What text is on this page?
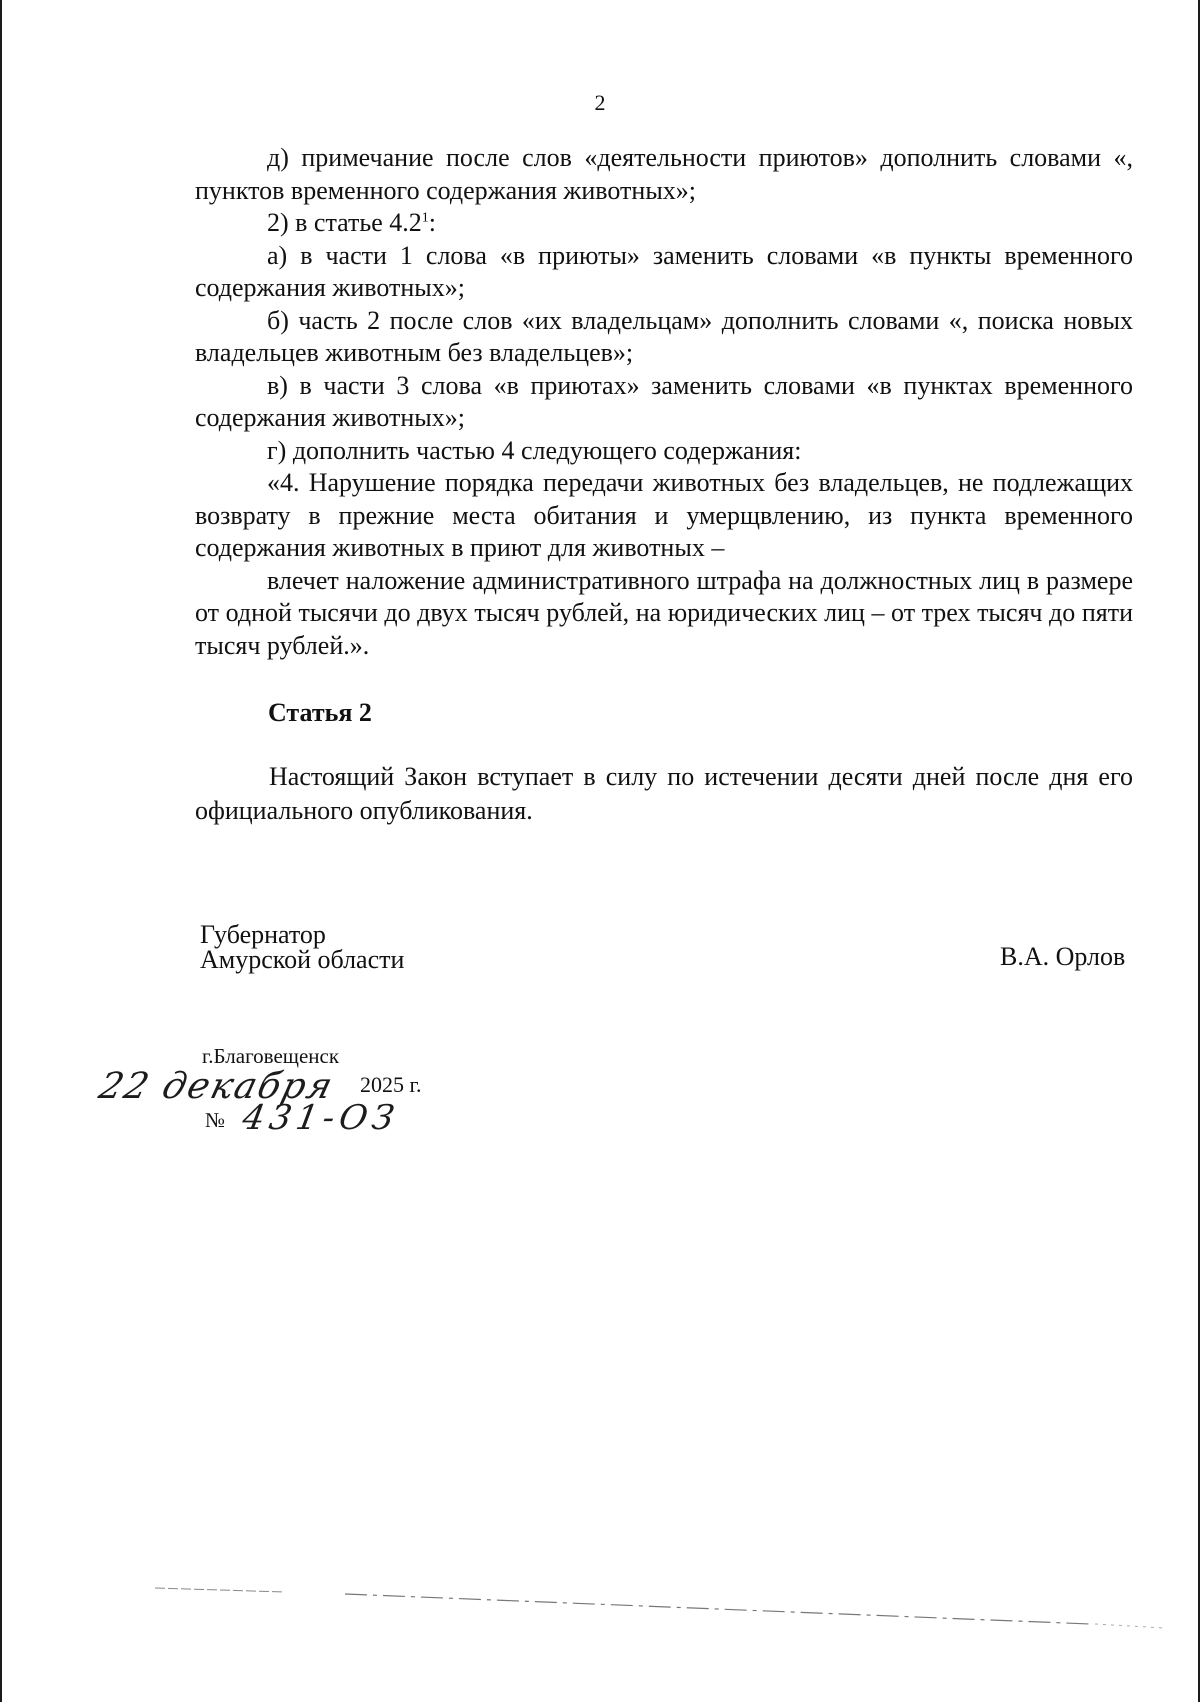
2

д) примечание после слов «деятельности приютов» дополнить словами «, пунктов временного содержания животных»;

2) в статье $4.2^1$:

а) в части 1 слова «в приюты» заменить словами «в пункты временного содержания животных»;

б) часть 2 после слов «их владельцам» дополнить словами «, поиска новых владельцев животным без владельцев»;

в) в части 3 слова «в приютах» заменить словами «в пунктах временного содержания животных»;

г) дополнить частью 4 следующего содержания:

«4. Нарушение порядка передачи животных без владельцев, не подлежащих возврату в прежние места обитания и умерщвлению, из пункта временного содержания животных в приют для животных –

влечет наложение административного штрафа на должностных лиц в размере от одной тысячи до двух тысяч рублей, на юридических лиц – от трех тысяч до пяти тысяч рублей.».

Статья 2

Настоящий Закон вступает в силу по истечении десяти дней после дня его официального опубликования.

Губернатор
Амурской области	В.А. Орлов
г.Благовещенск
22 декабря 2025 г.
№ 431-ОЗ
